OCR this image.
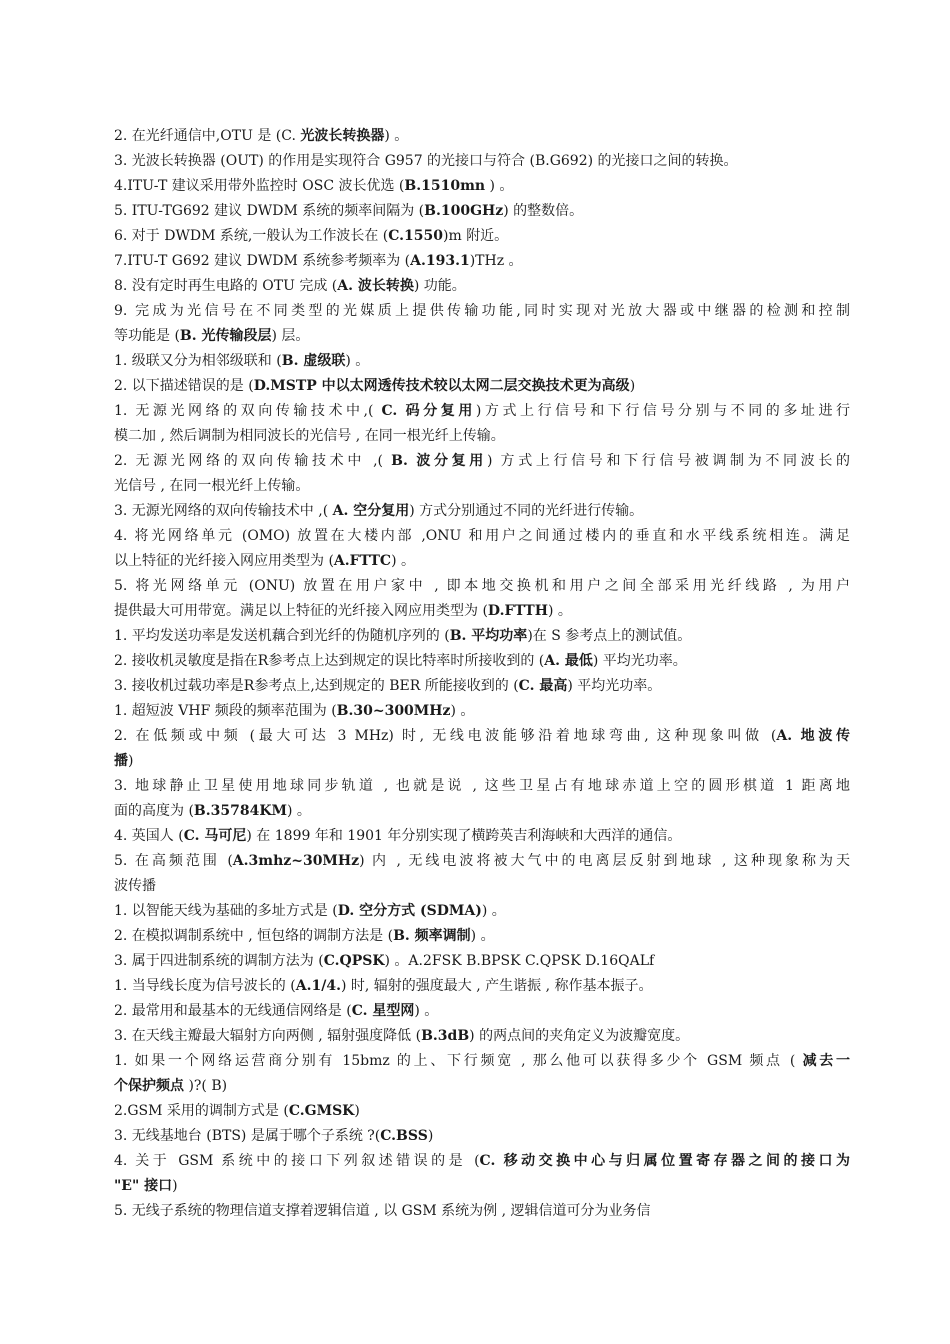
2. 在光纤通信中,OTU 是 (C. 光波长转换器) 。
3. 光波长转换器 (OUT) 的作用是实现符合 G957 的光接口与符合 (B.G692) 的光接口之间的转换。
4.ITU-T 建议采用带外监控时 OSC 波长优选 (B.1510mn ) 。
5. ITU-TG692 建议 DWDM 系统的频率间隔为 (B.100GHz) 的整数倍。
6. 对于 DWDM 系统,一般认为工作波长在 (C.1550)m 附近。
7.ITU-T G692 建议 DWDM 系统参考频率为 (A.193.1)THz 。
8. 没有定时再生电路的 OTU 完成 (A. 波长转换) 功能。
9. 完成为光信号在不同类型的光媒质上提供传输功能,同时实现对光放大器或中继器的检测和控制
等功能是 (B. 光传输段层) 层。
1. 级联又分为相邻级联和 (B. 虚级联) 。
2. 以下描述错误的是 (D.MSTP 中以太网透传技术较以太网二层交换技术更为高级)
1. 无源光网络的双向传输技术中,( C. 码分复用)方式上行信号和下行信号分别与不同的多址进行
模二加 , 然后调制为相同波长的光信号 , 在同一根光纤上传输。
2. 无源光网络的双向传输技术中 ,( B. 波分复用) 方式上行信号和下行信号被调制为不同波长的
光信号 , 在同一根光纤上传输。
3. 无源光网络的双向传输技术中 ,( A. 空分复用) 方式分别通过不同的光纤进行传输。
4. 将光网络单元 (OMO) 放置在大楼内部 ,ONU 和用户之间通过楼内的垂直和水平线系统相连。满足
以上特征的光纤接入网应用类型为 (A.FTTC) 。
5. 将光网络单元 (ONU) 放置在用户家中 , 即本地交换机和用户之间全部采用光纤线路 , 为用户
提供最大可用带宽。满足以上特征的光纤接入网应用类型为 (D.FTTH) 。
1. 平均发送功率是发送机藕合到光纤的伪随机序列的 (B. 平均功率)在 S 参考点上的测试值。
2. 接收机灵敏度是指在R参考点上达到规定的误比特率时所接收到的 (A. 最低) 平均光功率。
3. 接收机过载功率是R参考点上,达到规定的 BER 所能接收到的 (C. 最高) 平均光功率。
1. 超短波 VHF 频段的频率范围为 (B.30~300MHz) 。
2. 在低频或中频 (最大可达 3 MHz) 时, 无线电波能够沿着地球弯曲, 这种现象叫做 (A. 地波传
播)
3. 地球静止卫星使用地球同步轨道 , 也就是说 , 这些卫星占有地球赤道上空的圆形棋道 1 距离地
面的高度为 (B.35784KM) 。
4. 英国人 (C. 马可尼) 在 1899 年和 1901 年分别实现了横跨英吉利海峡和大西洋的通信。
5. 在高频范围 (A.3mhz~30MHz) 内 , 无线电波将被大气中的电离层反射到地球 , 这种现象称为天
波传播
1. 以智能天线为基础的多址方式是 (D. 空分方式 (SDMA)) 。
2. 在模拟调制系统中 , 恒包络的调制方法是 (B. 频率调制) 。
3. 属于四进制系统的调制方法为 (C.QPSK) 。A.2FSK B.BPSK C.QPSK D.16QALf
1. 当导线长度为信号波长的 (A.1/4.) 时, 辐射的强度最大 , 产生谐振 , 称作基本振子。
2. 最常用和最基本的无线通信网络是 (C. 星型网) 。
3. 在天线主瓣最大辐射方向两侧 , 辐射强度降低 (B.3dB) 的两点间的夹角定义为波瓣宽度。
1. 如果一个网络运营商分别有 15bmz 的上、下行频宽 , 那么他可以获得多少个 GSM 频点 ( 减去一
个保护频点 )?( B)
2.GSM 采用的调制方式是 (C.GMSK)
3. 无线基地台 (BTS) 是属于哪个子系统 ?(C.BSS)
4. 关于 GSM 系统中的接口下列叙述错误的是 (C. 移动交换中心与归属位置寄存器之间的接口为
"E" 接口)
5. 无线子系统的物理信道支撑着逻辑信道 , 以 GSM 系统为例 , 逻辑信道可分为业务信
